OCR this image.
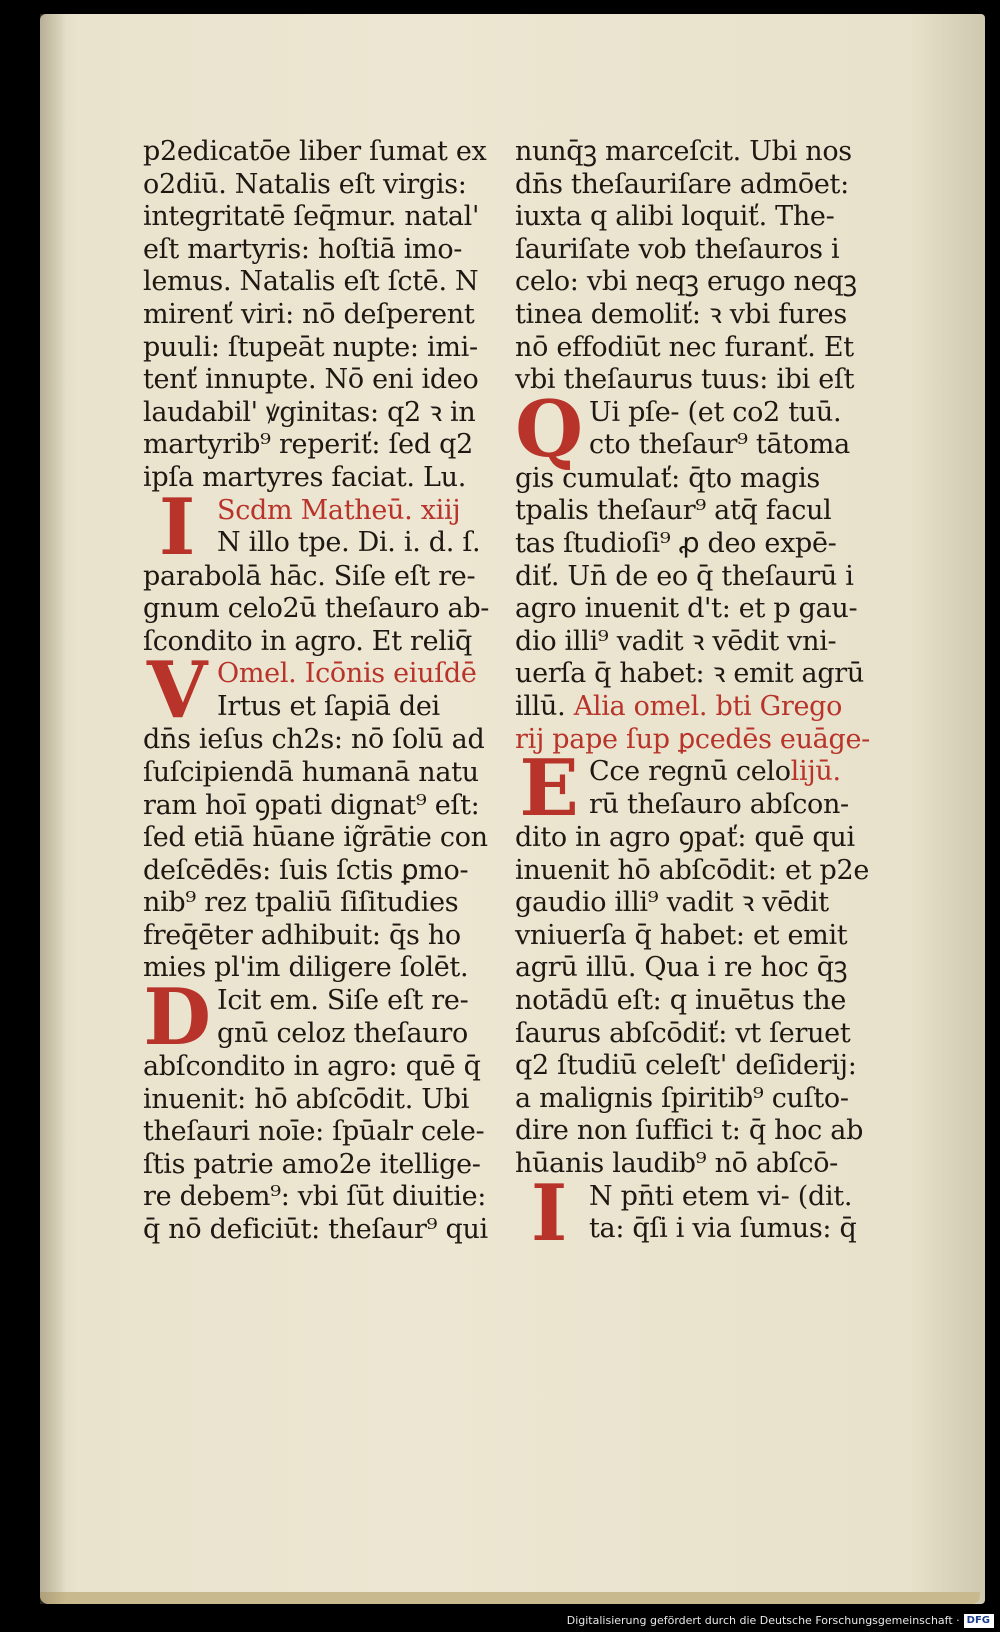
p2edicatōe liber ſumat ex
o2diū. Natalis eſt virgis:
integritatē ſeq̄mur. natal'
eſt martyris: hoſtiā imo-
lemus. Natalis eſt ſctē. N
mirenť viri: nō deſperent
puuli: ſtupeāt nupte: imi-
tenť innupte. Nō eni ideo
laudabil' ꝟginitas: q2 ꝛ in
martyrib⁹ reperiť: ſed q2
ipſa martyres faciat. Lu.
I Scdm Matheū. xiij
N illo tpe. Di. i. d. ſ.
parabolā hāc. Siſe eſt re-
gnum celo2ū theſauro ab-
ſcondito in agro. Et reliq̄
V Omel. Icōnis eiuſdē
Irtus et ſapiā dei
dn̄s ieſus ch2s: nō ſolū ad
ſuſcipiendā humanā natu
ram hoī ꝯpati dignat⁹ eſt:
ſed etiā hūane ig̃rātie con
deſcēdēs: ſuis ſctis ꝑmo-
nib⁹ rez tpaliū ſiſitudies
freq̄ēter adhibuit: q̄s ho
mies pl'im diligere ſolēt.
D Icit em. Siſe eſt re-
gnū celoz theſauro
abſcondito in agro: quē q̄
inuenit: hō abſcōdit. Ubi
theſauri noīe: ſpūalr cele-
ſtis patrie amo2e itellige-
re debem⁹: vbi ſūt diuitie:
q̄ nō deficiūt: theſaur⁹ qui
nunq̄ꝫ marceſcit. Ubi nos
dn̄s theſauriſare admōet:
iuxta q alibi loquiť. The-
ſauriſate vob theſauros i
celo: vbi neqꝫ erugo neqꝫ
tinea demoliť: ꝛ vbi fures
nō effodiūt nec furanť. Et
vbi theſaurus tuus: ibi eſt
Q Ui pſe- (et co2 tuū.
cto theſaur⁹ tātoma
gis cumulať: q̄to magis
tpalis theſaur⁹ atq̄ facul
tas ſtudioſi⁹ ꝓ deo expē-
diť. Un̄ de eo q̄ theſaurū i
agro inuenit d't: et p gau-
dio illi⁹ vadit ꝛ vēdit vni-
uerſa q̄ habet: ꝛ emit agrū
illū. Alia omel. bti Grego
rij pape ſup ꝑcedēs euāge-
E Cce regnū celolijū.
rū theſauro abſcon-
dito in agro ꝯpať: quē qui
inuenit hō abſcōdit: et p2e
gaudio illi⁹ vadit ꝛ vēdit
vniuerſa q̄ habet: et emit
agrū illū. Qua i re hoc q̄ꝫ
notādū eſt: q inuētus the
ſaurus abſcōdiť: vt ſeruet
q2 ſtudiū celeſt' deſiderij:
a malignis ſpiritib⁹ cuſto-
dire non ſuffici t: q̄ hoc ab
hūanis laudib⁹ nō abſcō-
I N pn̄ti etem vi- (dit.
ta: q̄ſi i via ſumus: q̄
Digitalisierung gefördert durch die Deutsche Forschungsgemeinschaft · DFG
